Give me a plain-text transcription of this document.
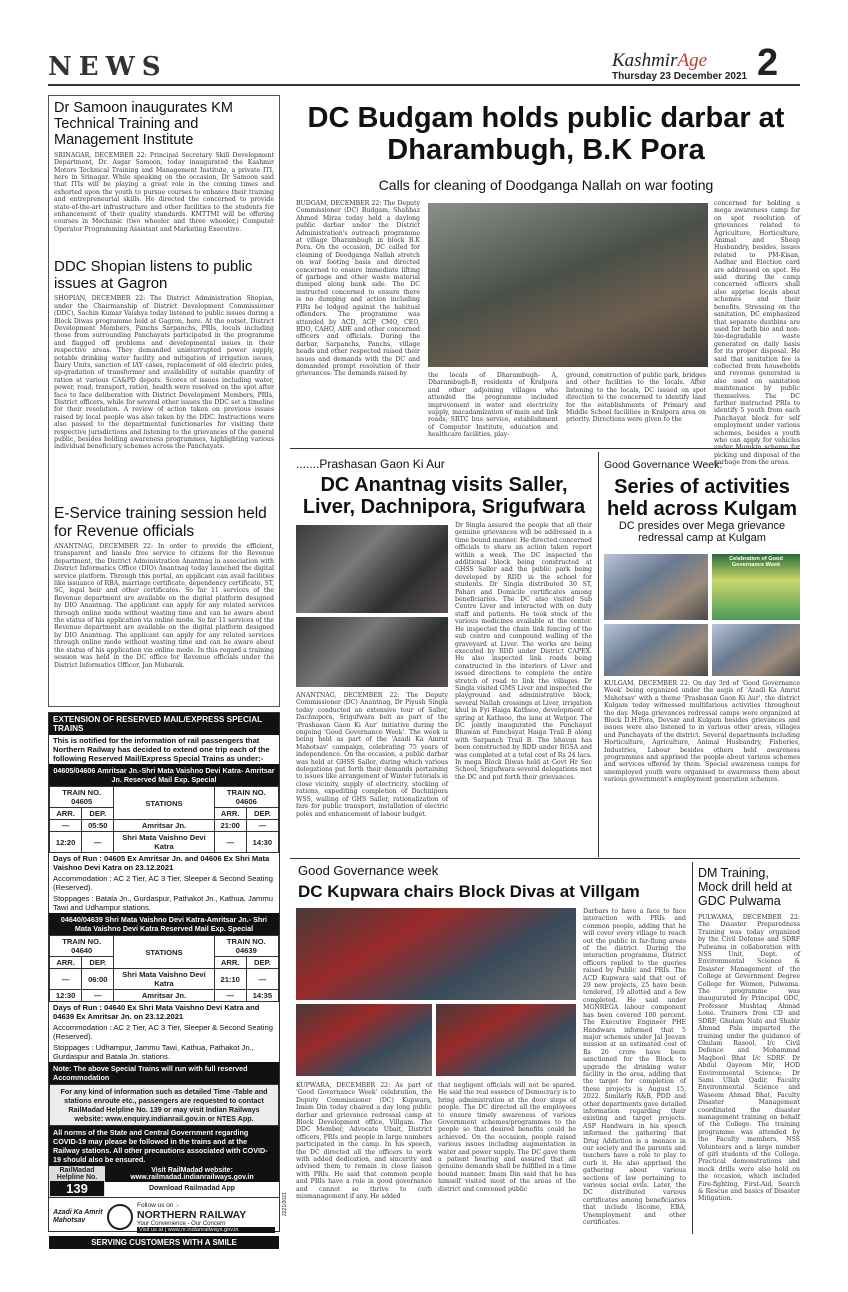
NEWS	KashmirAge
Thursday 23 December 2021 2
Dr Samoon inaugurates KM Technical Training and Management Institute
SRINAGAR, DECEMBER 22: Principal Secretary Skill Development Department, Dr. Asgar Samoon, today inaugurated the Kashmir Motors Technical Training and Management Institute, a private ITI, here in Srinagar. While speaking on the occasion, Dr Samoon said that ITIs will be playing a great role in the coming times and exhorted upon the youth to pursue courses to enhance their training and entrepreneurial skills. He directed the concerned to provide state-of-the-art infrastructure and other facilities to the students for enhancement of their quality standards. KMTTMI will be offering courses in Mechanic (two wheeler and three wheeler,) Computer Operator Programming Assistant and Marketing Executive.
DDC Shopian listens to public issues at Gagron
SHOPIAN, DECEMBER 22: The District Administration Shopian, under the Chairmanship of District Development Commissioner (DDC), Sachin Kumar Vaishya today listened to public issues during a Block Diwas programme held at Gagron, here. At the outset, District Development Members, Panchs Sarpanchs, PRIs, locals including those from surrounding Panchayats participated in the programme and flagged off problems and developmental issues in their respective areas. They demanded uninterrupted power supply, potable drinking water facility and mitigation of irrigation issues, Dairy Units, sanction of IAY cases, replacement of old electric poles, up-gradation of transformer and availability of suitable quantity of ration at various CA&PD depots. Scores of issues including water, power, road, transport, ration, health were resolved on the spot after face to face deliberation with District Development Members, PRIs, District officers, while for several other issues the DDC set a timeline for their resolution. A review of action taken on previous issues raised by local people was also taken by the DDC. Instructions were also passed to the departmental functionaries for visiting their respective jurisdictions and listening to the grievances of the general public, besides holding awareness programmes, highlighting various individual beneficiary schemes across the Panchayats.
E-Service training session held for Revenue officials
ANANTNAG, DECEMBER 22: In order to provide the efficient, transparent and hassle free service to citizens for the Revenue department, the District Administration Anantnag in association with District Informatics Office (DIO) Anantnag today launched the digital service platform. Through this portal, an applicant can avail facilities like issuance of RBA, marriage certificate, dependency certificate, ST, SC, legal heir and other certificates. So far 11 services of the Revenue department are available on the digital platform designed by DIO Anantnag. The applicant can apply for any related services through online mode without wasting time and can be aware about the status of his application via online mode. So far 11 services of the Revenue department are available on the digital platform designed by DIO Anantnag. The applicant can apply for any related services through online mode without wasting time and can be aware about the status of his application via online mode. In this regard a training session was held in the DC office for Revenue officials under the District Informatics Officer, Jan Mubarak.
EXTENSION OF RESERVED MAIL/EXPRESS SPECIAL TRAINS
This is notified for the information of rail passengers that Northern Railway has decided to extend one trip each of the following Reserved Mail/Express Special Trains as under:-
04605/04606 Amritsar Jn.-Shri Mata Vaishno Devi Katra- Amritsar Jn. Reserved Mail Exp. Special
TRAIN NO. 04605		STATIONS	TRAIN NO. 04606	
ARR.	DEP.		ARR.	DEP.
—	05:50	Amritsar Jn.	21:00	—
12:20	—	Shri Mata Vaishno Devi Katra	—	14:30
Days of Run : 04605 Ex Amritsar Jn. and 04606 Ex Shri Mata Vaishno Devi Katra on 23.12.2021
Accommodation : AC 2 Tier, AC 3 Tier, Sleeper & Second Seating (Reserved).
Stoppages : Batala Jn., Gurdaspur, Pathakot Jn., Kathua, Jammu Tawi and Udhampur stations.
04640/04639 Shri Mata Vaishno Devi Katra-Amritsar Jn.- Shri Mata Vaishno Devi Katra Reserved Mail Exp. Special
TRAIN NO. 04640		STATIONS	TRAIN NO. 04639	
ARR.	DEP.		ARR.	DEP.
—	06:00	Shri Mata Vaishno Devi Katra	21:10	—
12:30	—	Amritsar Jn.	—	14:35
Days of Run : 04640 Ex Shri Mata Vaishno Devi Katra and 04639 Ex Amritsar Jn. on 23.12.2021
Accommodation : AC 2 Tier, AC 3 Tier, Sleeper & Second Seating (Reserved).
Stoppages : Udhampur, Jammu Tawi, Kathua, Pathakot Jn., Gurdaspur and Batala Jn. stations.
Note: The above Special Trains will run with full reserved Accommodation
For any kind of information such as detailed Time -Table and stations enroute etc., passengers are requested to contact RailMadad Helpline No. 139 or may visit Indian Railways website: www.enquiry.indianrail.gov.in or NTES App.
All norms of the State and Central Government regarding COVID-19 may please be followed in the trains and at the Railway stations. All other precautions associated with COVID-19 should also be ensured.
RailMadad Helpline No.
139
Visit RailMadad website: www.railmadad.indianrailways.gov.in
Download Railmadad App
Azadi Ka Amrit Mahotsav
Follow us on :-
NORTHERN RAILWAY
Your Convenience - Our Concern
Visit us at | www.nr.indianrailways.gov.in
SERVING CUSTOMERS WITH A SMILE
2221/2021
DC Budgam holds public darbar at Dharambugh, B.K Pora
Calls for cleaning of Doodganga Nallah on war footing
BUDGAM, DECEMBER 22: The Deputy Commissioner (DC) Budgam, Shahbaz Ahmed Mirza today held a daylong public darbar under the District Administration's outreach programme at village Dharambugh in block B.K Pora. On the occasion, DC called for cleaning of Doodganga Nallah stretch on war footing basis and directed concerned to ensure immediate lifting of garbage and other waste material dumped along bank side. The DC instructed concerned to ensure there is no dumping and action including FIRs be lodged against the habitual offenders. The programme was attended by ACD, ACP, CMO, CEO, BDO, CAHO, ADE and other concerned officers and officials. During the darbar, Sarpanchs, Panchs, village heads and other respected raised their issues and demands with the DC and demanded prompt resolution of their grievances. The demands raised by	the locals of Dharambugh- A, Dharambugh-B, residents of Kralpora and other adjoining villages who attended the programme included improvement in water and electricity supply, macadamization of main and link roads, SRTC bus service, establishment of Computer Institute, education and healthcare facilities, play-
ground, construction of public park, bridges and other facilities to the locals. After listening to the locals, DC issued on spot direction to the concerned to identify land for the establishments of Primary and Middle School facilities in Kralpora area on priority. Directions were given to the
concerned for holding a mega awareness camp for on spot resolution of grievances related to Agriculture, Horticulture, Animal and Sheep Husbandry, besides, issues related to PM-Kisan, Aadhar and Election card are addressed on spot. He said during the camp concerned officers shall also apprise locals about schemes and their benefits. Stressing on the sanitation, DC emphasized that separate dustbins are used for both bio and non-bio-degradable waste generated on daily basis for its proper disposal. He said that sanitation fee is collected from households and revenue generated is also used on sanitation maintenance by public themselves. The DC further instructed PRIs to identify 5 youth from each Panchayat block for self employment under various schemes, besides a youth who can apply for vehicles picking and disposal of the garbage from the areas.
.......Prashasan Gaon Ki Aur
DC Anantnag visits Saller, Liver, Dachnipora, Srigufwara
ANANTNAG, DECEMBER 22: The Deputy Commissioner (DC) Anantnag, Dr Piyush Singla today conducted an extensive tour of Saller, Dachnipora, Srigufwara belt as part of the 'Prashasan Gaon Ki Aur' initiative during the ongoing 'Good Governance Week'. The week is being held as part of the 'Azadi Ka Amrut Mahotsav' campaign, celebrating 75 years of independence. On the occasion, a public darbar was held at GHSS Saller, during which various delegations put forth their demands pertaining to issues like arrangement of Winter tutorials in close vicinity, supply of electricity, stocking of rations, expediting completion of Dachnipora WSS, walling of GHS Saller, rationalization of fare for public transport, installation of electric poles and enhancement of labour budget.
Dr Singla assured the people that all their genuine grievances will be addressed in a time bound manner. He directed concerned officials to share an action taken report within a week. The DC inspected the additional block being constructed at GHSS Saller and the public park being developed by RDD in the school for students. Dr Singla distributed 30 ST, Pahari and Domicile certificates among beneficiaries. The DC also visited Sub Centre Liver and interacted with on duty staff and patients. He took stock of the various medicines available at the center. He inspected the chain link fencing of the sub centre and compound walling of the graveyard at Liver. The works are being executed by RDD under District CAPEX. He also inspected link roads being constructed in the interiors of Liver and issued directions to complete the entire stretch of road to link the villages. Dr Singla visited GMS Liver and inspected the playground and administrative block, several Nallah crossings at Liver, irrigation khul in Fyi Haiga Kathsoo, development of spring at Kathsoo, the lane at Watpor. The DC jointly inaugurated the Panchayat Bhawan at Panchayat Haiga Trail B along with Sarpanch Trail B. The bhavan has been constructed by RDD under RGSA and was completed at a total cost of Rs 24 lacs. In mega Block Diwas held at Govt Hr Sec School, Srigufwara several delegations met the DC and put forth their grievances.
Good Governance Week:
Series of activities held across Kulgam
DC presides over Mega grievance redressal camp at Kulgam
Celebration of Good Governance Week
KULGAM, DECEMBER 22: On day 3rd of 'Good Governance Week' being organized under the aegis of 'Azadi Ka Amrut Mahotsav' with a theme 'Prashasan Gaon Ki Aur', the district Kulgam today witnessed multifarious activities throughout the day. Mega grievances redressal camps were organized at Block D.H.Pora, Devsar and Kulgam besides grievances and issues were also listened to in various other areas, villages and Panchayats of the district. Several departments including Horticulture, Agriculture, Animal Husbandry, Fisheries, Industries, Labour besides others held awareness programmes and apprised the people about various schemes and services offered by them. Special awareness camps for unemployed youth were organised to awareness them about various government's employment generation schemes.
Good Governance week
DC Kupwara chairs Block Divas at Villgam
KUPWARA, DECEMBER 22: As part of 'Good Governance Week' celebration, the Deputy Commissioner (DC) Kupwara, Imam Din today chaired a day long public darbar and grievance redressal camp at Block Development office, Villgam. The DDC Member, Advocate Ubait, District officers, PRIs and people in large numbers participated in the camp. In his speech, the DC directed all the officers to work with added dedication, and sincerity and advised them to remain in close liaison with PRIs. He said that common people and PRIs have a role in good governance and cannot so thrive to curb mismanagement if any. He added
that negligent officials will not be spared. He said the real essence of Democracy is to bring administration at the door steps of people. The DC directed all the employees to ensure timely awareness of various Government schemes/programmes to the people so that desired benefits could be achieved. On the occasion, people raised various issues including augmentation in water and power supply. The DC gave them a patient hearing and assured that all genuine demands shall be fulfilled in a time bound manner. Imam Din said that he has himself visited most of the areas of the district and convened public
Darbars to have a face to face interaction with PRIs and common people, adding that he will cover every village to reach out the public in far-flung areas of the district. During the interaction programme, District officers replied to the queries raised by Public and PRIs. The ACD Kupwara said that out of 29 new projects, 25 have been tendered, 19 allotted and a few completed. He said under MGNREGA labour component has been covered 100 percent. The Executive Engineer PHE Handwara informed that 5 major schemes under Jal Jeevan mission at an estimated cost of Rs 26 crore have been sanctioned for the Block to upgrade the drinking water facility in the area, adding that the target for completion of these projects is August 15, 2022. Similarly R&B, PDD and other departments gave detailed information regarding their existing and target projects. ASP Handwara in his speech informed the gathering that Drug Addiction is a menace in our society and the parents and teachers have a role to play to curb it. He also apprised the gathering about various sections of law pertaining to various social evils. Later, the DC distributed various certificates among beneficiaries that include Income, EBA, Unemployment and other certificates.
DM Training, Mock drill held at GDC Pulwama
PULWAMA, DECEMBER 22: The Disaster Preparedness Training was today organized by the Civil Defense and SDRF Pulwama in collaboration with NSS Unit, Dept. of Environmental Science & Disaster Management of the College at Government Degree College for Women, Pulwama. The programme was inaugurated by Principal GDC, Professor Mushtaq Ahmad Lone. Trainers from CD and SDRF, Ghulam Nabi and Shabir Ahmad Pala imparted the training under the guidance of Ghulam Rasool, I/c Civil Defence and Mohammad Maqbool Bhat I/c SDRF. Dr Abdul Qayoom Mir, HOD Environmental Science; Dr Sami Ullah Qadir, Faculty Environmental Science and Waseem Ahmad Bhat, Faculty Disaster Management coordinated the disaster management training on behalf of the College. The training programme was attended by the Faculty members, NSS Volunteers and a large number of girl students of the College. Practical demonstrations and mock drills were also held on the occasion, which included Fire-fighting, First-Aid, Search & Rescue and basics of Disaster Mitigation.
